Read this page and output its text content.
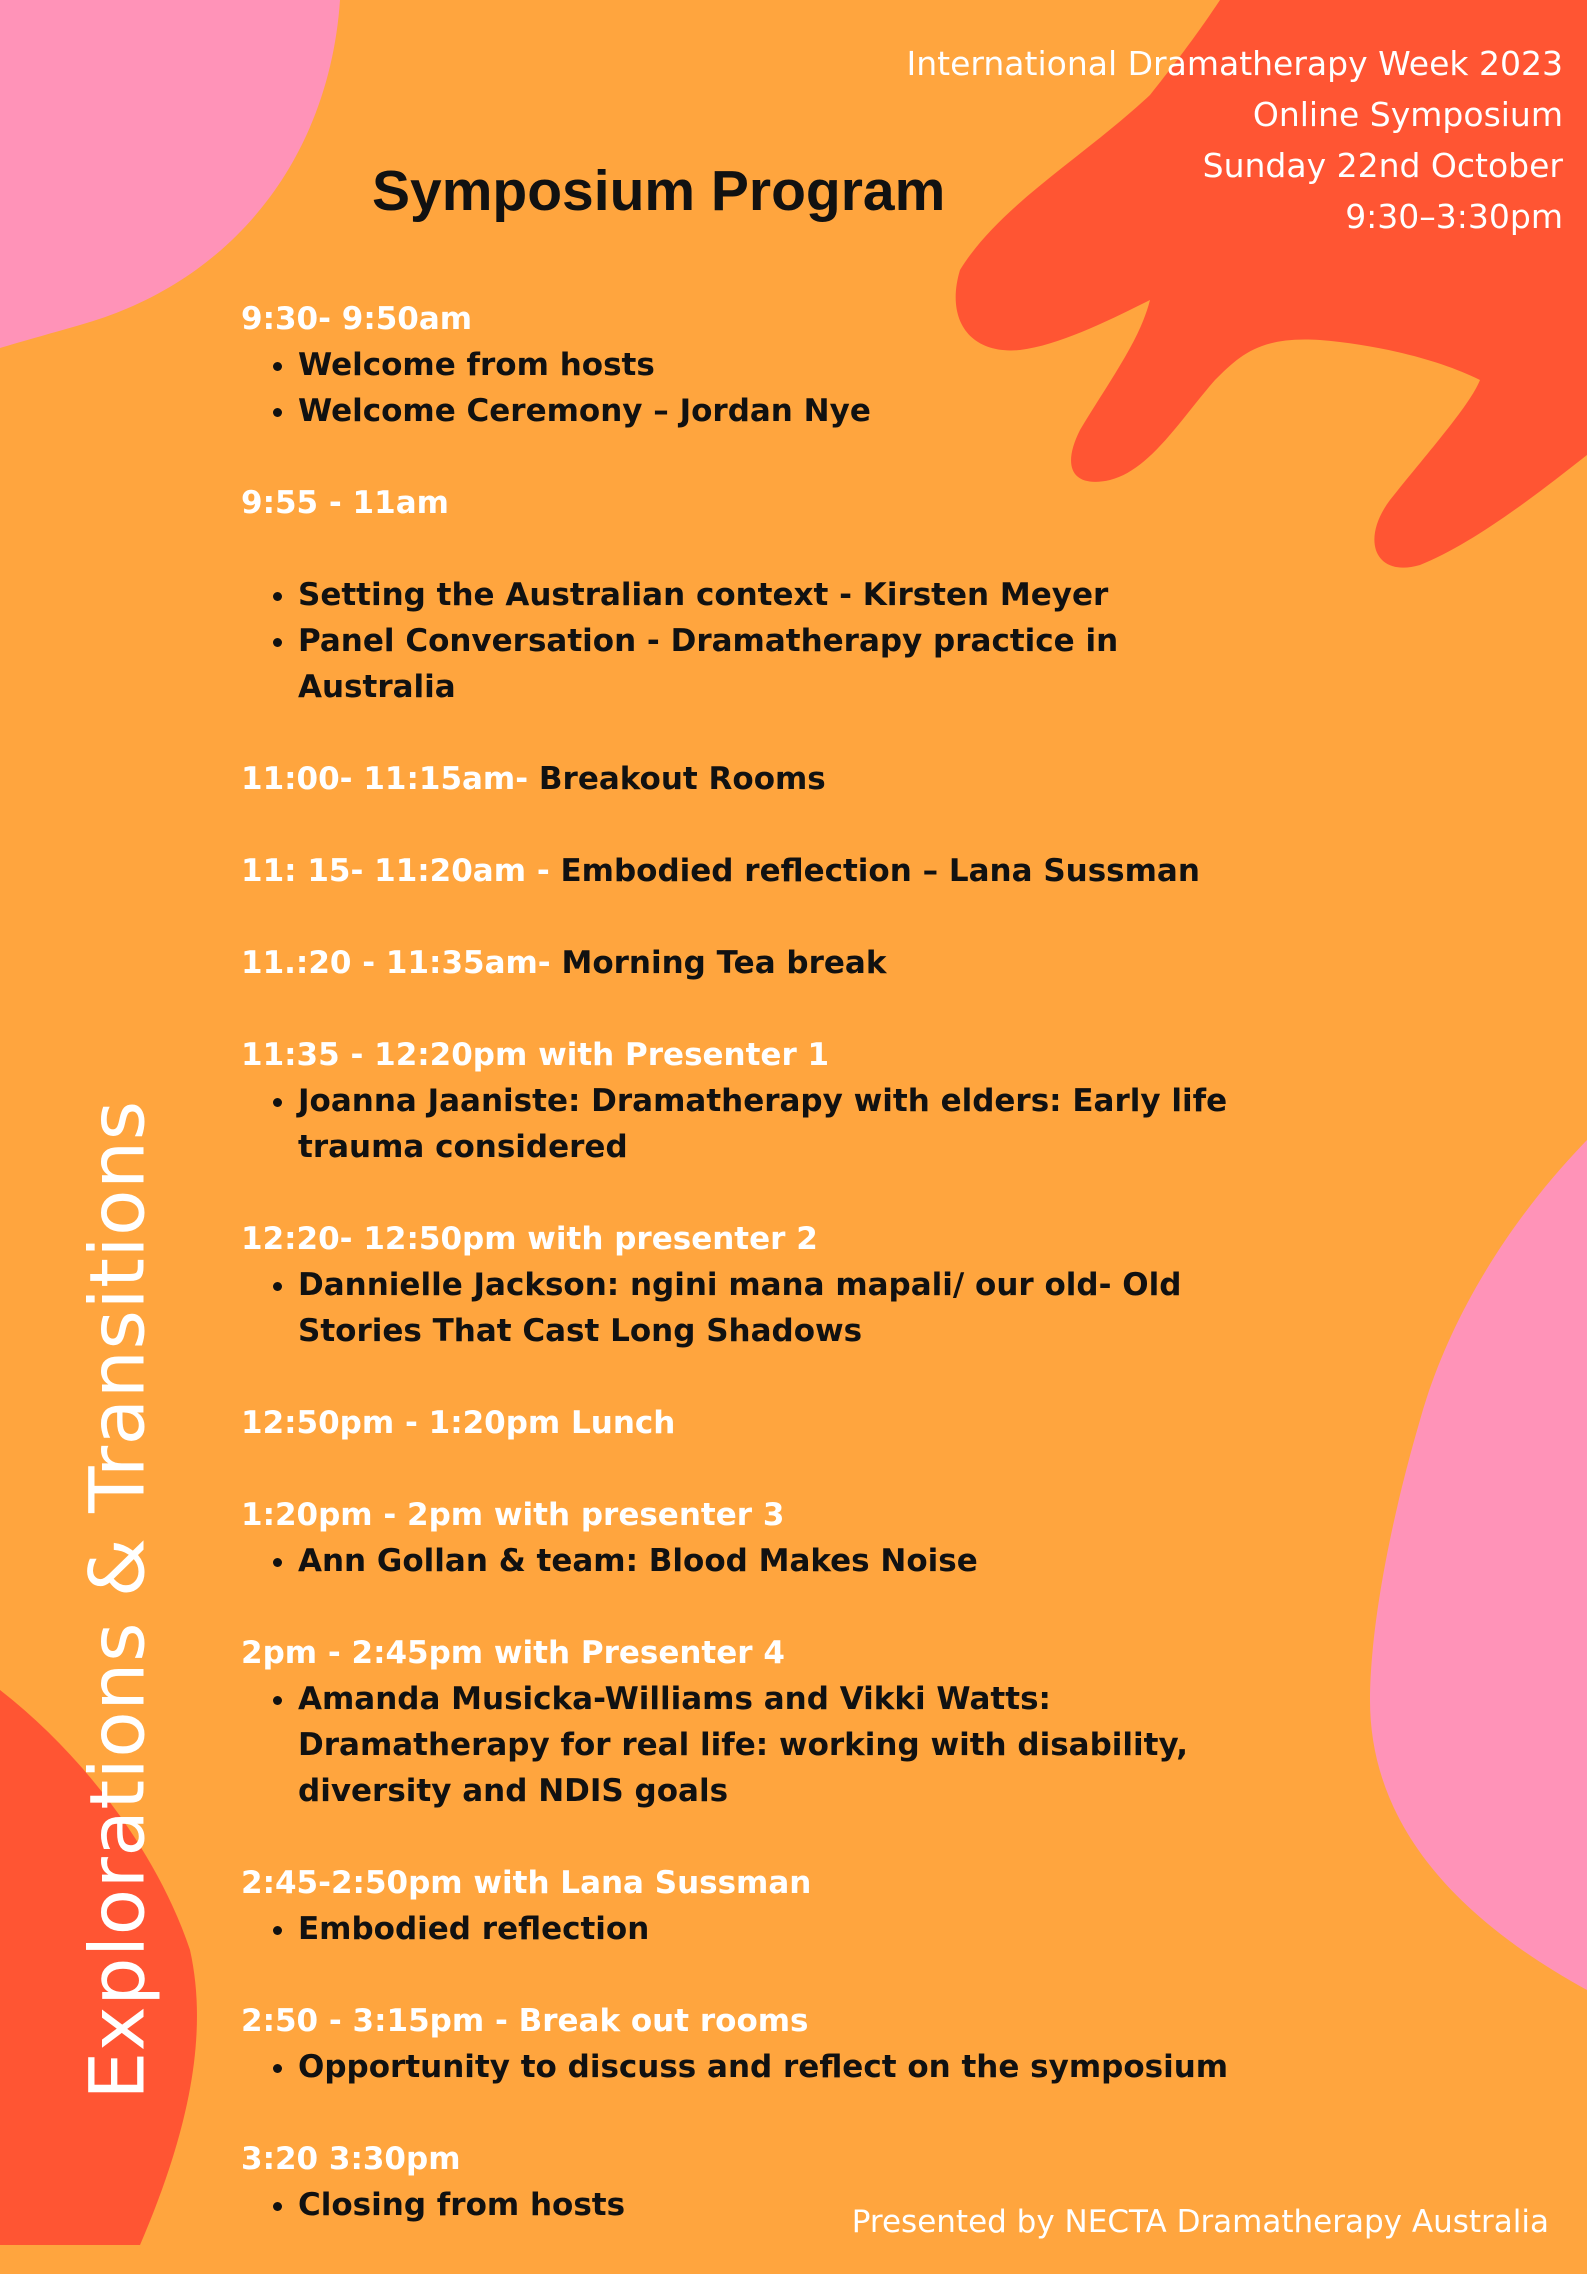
International Dramatherapy Week 2023
Online Symposium
Sunday 22nd October
9:30–3:30pm
Symposium Program
Explorations & Transitions
9:30- 9:50am
• Welcome from hosts
• Welcome Ceremony – Jordan Nye
9:55 - 11am
• Setting the Australian context - Kirsten Meyer
• Panel Conversation - Dramatherapy practice in Australia
11:00- 11:15am- Breakout Rooms
11: 15- 11:20am - Embodied reflection – Lana Sussman
11.:20 - 11:35am- Morning Tea break
11:35 - 12:20pm with Presenter 1
• Joanna Jaaniste: Dramatherapy with elders: Early life trauma considered
12:20- 12:50pm with presenter 2
• Dannielle Jackson: ngini mana mapali/ our old- Old Stories That Cast Long Shadows
12:50pm - 1:20pm Lunch
1:20pm - 2pm with presenter 3
• Ann Gollan & team: Blood Makes Noise
2pm - 2:45pm with Presenter 4
• Amanda Musicka-Williams and Vikki Watts: Dramatherapy for real life: working with disability, diversity and NDIS goals
2:45-2:50pm with Lana Sussman
• Embodied reflection
2:50 - 3:15pm - Break out rooms
• Opportunity to discuss and reflect on the symposium
3:20 3:30pm
• Closing from hosts	Presented by NECTA Dramatherapy Australia
